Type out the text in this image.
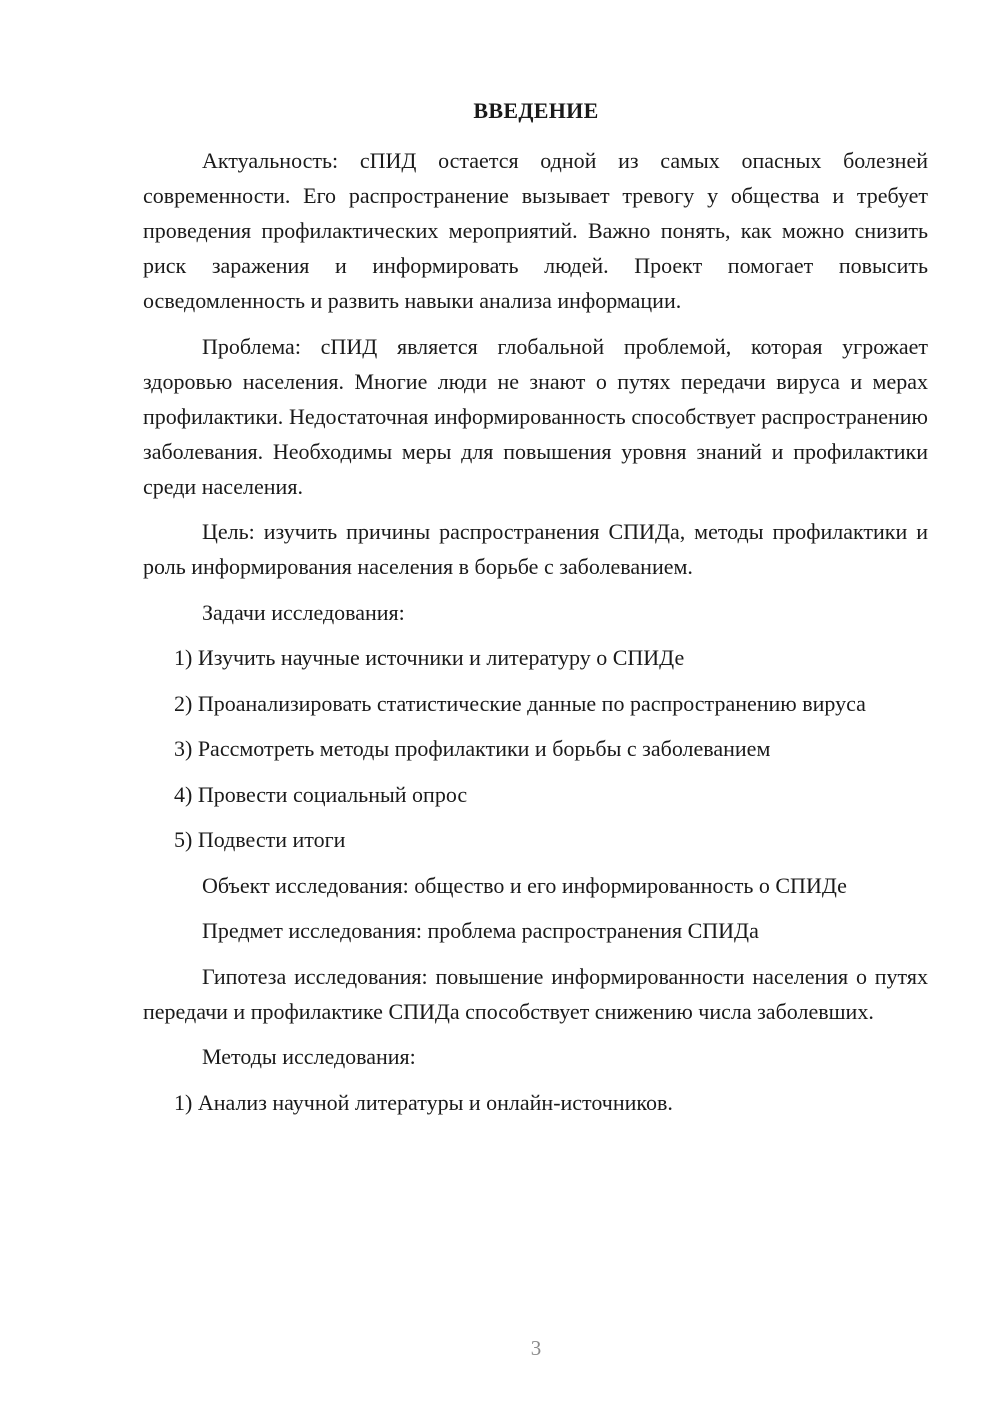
ВВЕДЕНИЕ

Актуальность: сПИД остается одной из самых опасных болезней современности. Его распространение вызывает тревогу у общества и требует проведения профилактических мероприятий. Важно понять, как можно снизить риск заражения и информировать людей. Проект помогает повысить осведомленность и развить навыки анализа информации.

Проблема: сПИД является глобальной проблемой, которая угрожает здоровью населения. Многие люди не знают о путях передачи вируса и мерах профилактики. Недостаточная информированность способствует распространению заболевания. Необходимы меры для повышения уровня знаний и профилактики среди населения.

Цель: изучить причины распространения СПИДа, методы профилактики и роль информирования населения в борьбе с заболеванием.

Задачи исследования:

1) Изучить научные источники и литературу о СПИДе

2) Проанализировать статистические данные по распространению вируса

3) Рассмотреть методы профилактики и борьбы с заболеванием

4) Провести социальный опрос

5) Подвести итоги

Объект исследования: общество и его информированность о СПИДе

Предмет исследования: проблема распространения СПИДа

Гипотеза исследования: повышение информированности населения о путях передачи и профилактике СПИДа способствует снижению числа заболевших.

Методы исследования:

1) Анализ научной литературы и онлайн-источников.

3
